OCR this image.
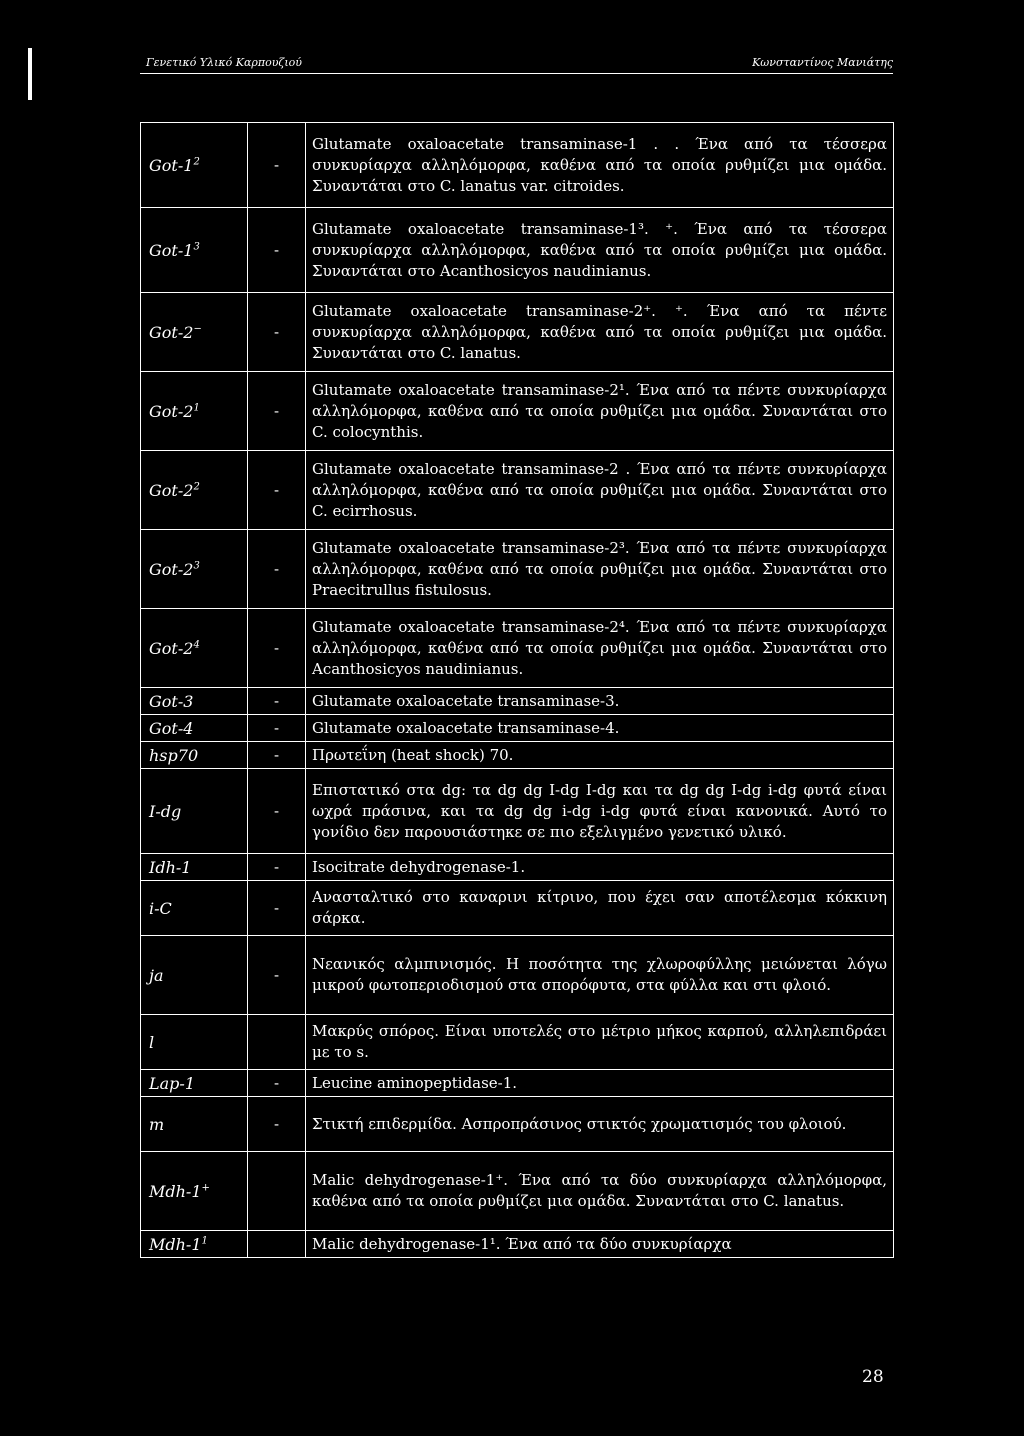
Γενετικό Υλικό Καρπουζιού	Κωνσταντίνος Μανιάτης
Got-$1^2$	-	Glutamate oxaloacetate transaminase-1 . . Ένα από τα τέσσερα συνκυρίαρχα αλληλόμορφα, καθένα από τα οποία ρυθμίζει μια ομάδα. Συναντάται στο C. lanatus var. citroides.
Got-$1^3$	-	Glutamate oxaloacetate transaminase-1³. ⁺. Ένα από τα τέσσερα συνκυρίαρχα αλληλόμορφα, καθένα από τα οποία ρυθμίζει μια ομάδα. Συναντάται στο Acanthosicyos naudinianus.
Got-2−	-	Glutamate oxaloacetate transaminase-2⁺. ⁺. Ένα από τα πέντε συνκυρίαρχα αλληλόμορφα, καθένα από τα οποία ρυθμίζει μια ομάδα. Συναντάται στο C. lanatus.
Got-$2^1$	-	Glutamate oxaloacetate transaminase-2¹. Ένα από τα πέντε συνκυρίαρχα αλληλόμορφα, καθένα από τα οποία ρυθμίζει μια ομάδα. Συναντάται στο C. colocynthis.
Got-$2^2$	-	Glutamate oxaloacetate transaminase-2 . Ένα από τα πέντε συνκυρίαρχα αλληλόμορφα, καθένα από τα οποία ρυθμίζει μια ομάδα. Συναντάται στο C. ecirrhosus.
Got-$2^3$	-	Glutamate oxaloacetate transaminase-2³. Ένα από τα πέντε συνκυρίαρχα αλληλόμορφα, καθένα από τα οποία ρυθμίζει μια ομάδα. Συναντάται στο Praecitrullus fistulosus.
Got-$2^4$	-	Glutamate oxaloacetate transaminase-2⁴. Ένα από τα πέντε συνκυρίαρχα αλληλόμορφα, καθένα από τα οποία ρυθμίζει μια ομάδα. Συναντάται στο Acanthosicyos naudinianus.
Got-3	-	Glutamate oxaloacetate transaminase-3.
Got-4	-	Glutamate oxaloacetate transaminase-4.
hsp70	-	Πρωτεΐνη (heat shock) 70.
I-dg	-	Επιστατικό στα dg: τα dg dg I-dg I-dg και τα dg dg I-dg i-dg φυτά είναι ωχρά πράσινα, και τα dg dg i-dg i-dg φυτά είναι κανονικά. Αυτό το γονίδιο δεν παρουσιάστηκε σε πιο εξελιγμένο γενετικό υλικό.
Idh-1	-	Isocitrate dehydrogenase-1.
i-C	-	Ανασταλτικό στο καναρινι κίτρινο, που έχει σαν αποτέλεσμα κόκκινη σάρκα.
ja	-	Νεανικός αλμπινισμός. Η ποσότητα της χλωροφύλλης μειώνεται λόγω μικρού φωτοπεριοδισμού στα σπορόφυτα, στα φύλλα και στι φλοιό.
l		Μακρύς σπόρος. Είναι υποτελές στο μέτριο μήκος καρπού, αλληλεπιδράει με το s.
Lap-1	-	Leucine aminopeptidase-1.
m	-	Στικτή επιδερμίδα. Ασπροπράσινος στικτός χρωματισμός του φλοιού.
Mdh-1+		Malic dehydrogenase-1⁺. Ένα από τα δύο συνκυρίαρχα αλληλόμορφα, καθένα από τα οποία ρυθμίζει μια ομάδα. Συναντάται στο C. lanatus.
Mdh-$1^1$		Malic dehydrogenase-1¹. Ένα από τα δύο συνκυρίαρχα
28
